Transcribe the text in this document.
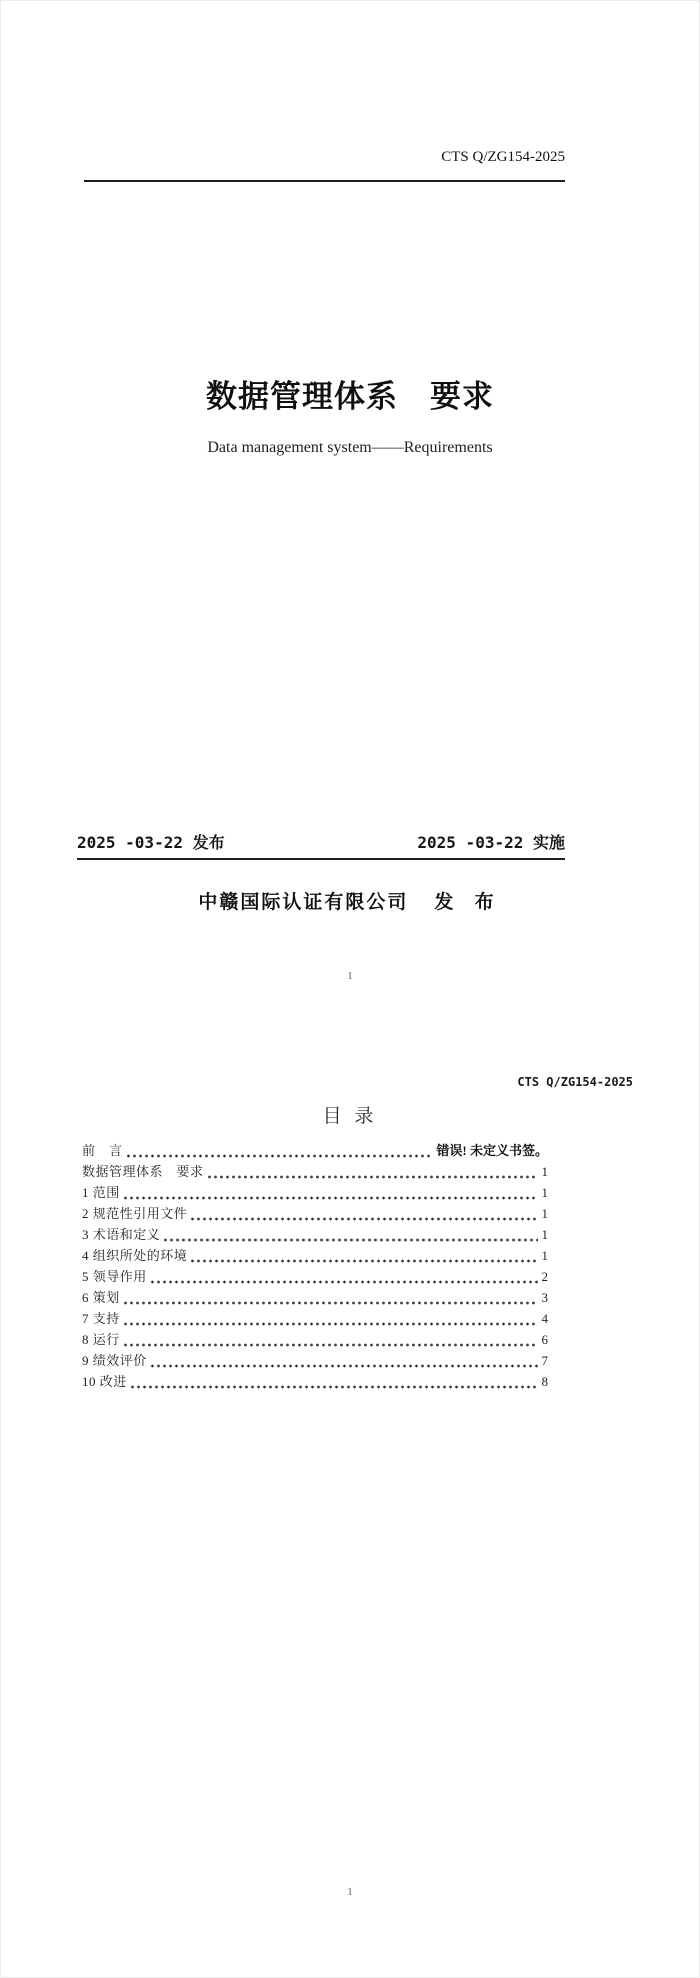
CTS Q/ZG154-2025
数据管理体系　要求
Data management system——Requirements
2025 -03-22 发布	2025 -03-22 实施
中赣国际认证有限公司 发 布
1
CTS Q/ZG154-2025
目 录
前　言	错误! 未定义书签。
数据管理体系　要求	1
1 范围	1
2 规范性引用文件	1
3 术语和定义	1
4 组织所处的环境	1
5 领导作用	2
6 策划	3
7 支持	4
8 运行	6
9 绩效评价	7
10 改进	8
1
